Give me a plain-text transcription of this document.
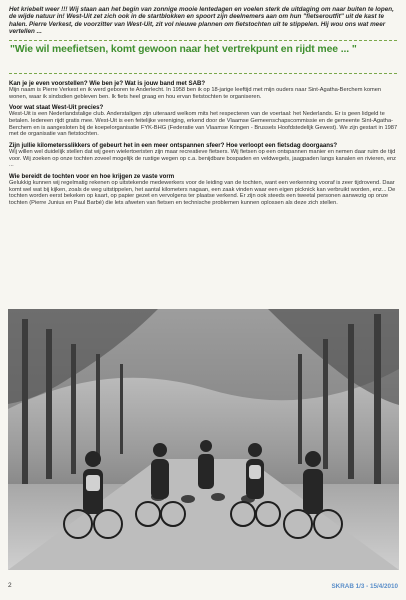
Het kriebelt weer !!! Wij staan aan het begin van zonnige mooie lentedagen en voelen sterk de uitdaging om naar buiten te lopen, de wijde natuur in! West-Uit zet zich ook in de startblokken en spoort zijn deelnemers aan om hun "fietseroutfit" uit de kast te halen. Pierre Verkest, de voorzitter van West-Uit, zit vol nieuwe plannen om fietstochten uit te stippelen. Hij wou ons wat meer vertellen ...
"Wie wil meefietsen, komt gewoon naar het vertrekpunt en rijdt mee ... "
Kan je je even voorstellen? Wie ben je? Wat is jouw band met SAB?
Mijn naam is Pierre Verkest en ik werd geboren te Anderlecht. In 1958 ben ik op 18-jarige leeftijd met mijn ouders naar Sint-Agatha-Berchem komen wonen, waar ik sindsdien gebleven ben. Ik fiets heel graag en hou ervan fietstochten te organiseren.
Voor wat staat West-Uit precies?
West-Uit is een Nederlandstalige club. Anderstaligen zijn uiteraard welkom mits het respecteren van de voertaal: het Nederlands. Er is geen lidgeld te betalen. Iedereen rijdt gratis mee. West-Uit is een feitelijke vereniging, erkend door de Vlaamse Gemeenschapscommissie en de gemeente Sint-Agatha-Berchem en is aangesloten bij de koepelorganisatie FYK-BHG (Federatie van Vlaamse Kringen - Brussels Hoofdstedelijk Gewest). We zijn gestart in 1987 met de organisatie van fietstochten.
Zijn jullie kilometersslikkers of gebeurt het in een meer ontspannen sfeer? Hoe verloopt een fietsdag doorgaans?
Wij willen wel duidelijk stellen dat wij geen wielertoeristen zijn maar recreatieve fietsers. Wij fietsen op een ontspannen manier en nemen daar ruim de tijd voor. Wij zoeken op onze tochten zoveel mogelijk de rustige wegen op c.a. benijdbare bospaden en veldwegels, jaagpaden langs kanalen en rivieren, enz ...
Wie bereidt de tochten voor en hoe krijgen ze vaste vorm
Gelukkig kunnen wij regelmatig rekenen op uitstekende medewerkers voor de leiding van de tochten, want een verkenning vooraf is zeer tijdrovend. Daar komt wel wat bij kijken, zoals de weg uitstippelen, het aantal kilometers nagaan, een zaak vinden waar een eigen picknick kan verbruikt worden, enz... De tochten worden eerst bekeken op kaart, op papier gezet en vervolgens ter plaatse verkend. Er zijn ook steeds een tweetal personen aanwezig op onze tochten (Pierre Junius en Paul Barbé) die lets afweten van fietsen en technische problemen kunnen oplossen als deze zich stellen.
2	SKRAB 1/3 - 15/4/2010
